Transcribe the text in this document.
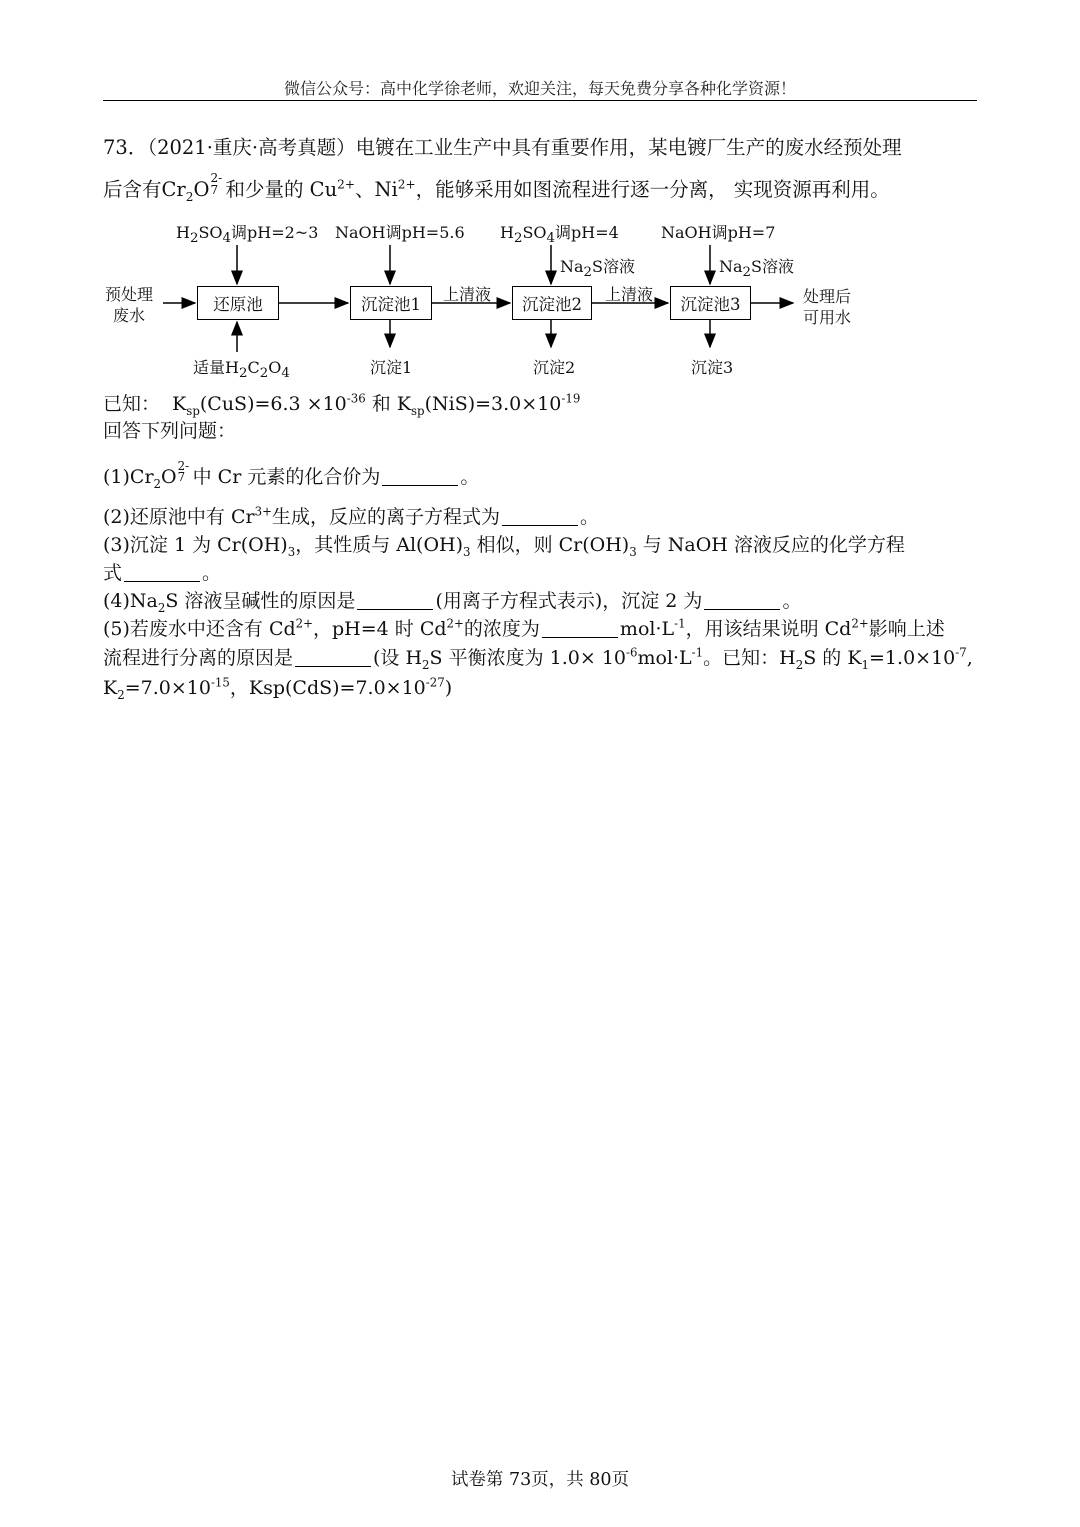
微信公众号：高中化学徐老师，欢迎关注，每天免费分享各种化学资源！
73．（2021·重庆·高考真题）电镀在工业生产中具有重要作用，某电镀厂生产的废水经预处理
后含有$Cr_2O$ 2-
7 和少量的 $Cu^{2+}$、$Ni^{2+}$，能够采用如图流程进行逐一分离， 实现资源再利用。
$H_2SO_4$调pH=2~3 NaOH调pH=5.6 $H_2SO_4$调pH=4	NaOH调pH=7
$Na_2S$溶液	$Na_2S$溶液
预处理
废水
还原池	沉淀池1	沉淀池2	沉淀池3
上清液	上清液	处理后
可用水
适量$H_2C_2O_4$	沉淀1	沉淀2	沉淀3
已知：  $K_{sp}(CuS)=6.3 \times 10^{-36}$ 和 $K_{sp}(NiS)=3.0\times 10^{-19}$
回答下列问题：
$(1)Cr_2O$
2-
7 中 Cr 元素的化合价为	。
(2)还原池中有 $Cr^{3+}$生成，反应的离子方程式为	。
(3)沉淀 1 为 $Cr(OH)_3$，其性质与 $Al(OH)_3$ 相似，则 $Cr(OH)_3$ 与 NaOH 溶液反应的化学方程
式	。
$(4)Na_2S$ 溶液呈碱性的原因是	(用离子方程式表示)，沉淀 2 为	。
(5)若废水中还含有 $Cd^{2+}$，pH=4 时 $Cd^{2+}$的浓度为	$mol\cdot L^{-1}$，用该结果说明 $Cd^{2+}$影响上述
流程进行分离的原因是	(设 $H_2S$ 平衡浓度为 $1.0\times 10^{-6}mol\cdot L^{-1}$。已知：$H_2S$ 的 $K_1=1.0\times 10^{-7}$,
$K_2=7.0\times 10^{-15}$，$Ksp(CdS)=7.0\times 10^{-27}$)
试卷第 73页，共 80页
